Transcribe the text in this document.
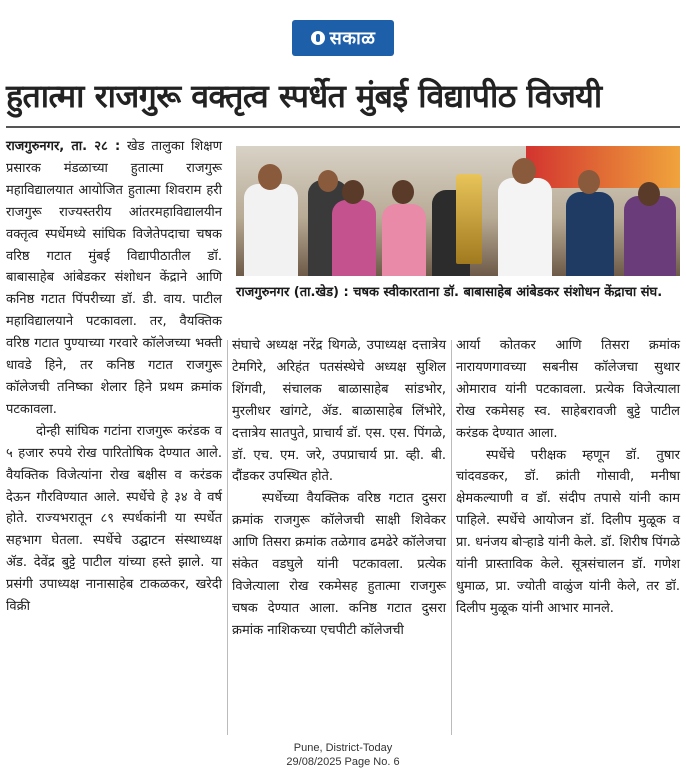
सकाळ
हुतात्मा राजगुरू वक्तृत्व स्पर्धेत मुंबई विद्यापीठ विजयी

राजगुरुनगर, ता. २८ : खेड तालुका शिक्षण प्रसारक मंडळाच्या हुतात्मा राजगुरू महाविद्यालयात आयोजित हुतात्मा शिवराम हरी राजगुरू राज्यस्तरीय आंतरमहाविद्यालयीन वक्तृत्व स्पर्धेमध्ये सांघिक विजेतेपदाचा चषक वरिष्ठ गटात मुंबई विद्यापीठातील डॉ. बाबासाहेब आंबेडकर संशोधन केंद्राने आणि कनिष्ठ गटात पिंपरीच्या डॉ. डी. वाय. पाटील महाविद्यालयाने पटकावला. तर, वैयक्तिक वरिष्ठ गटात पुण्याच्या गरवारे कॉलेजच्या भक्ती धावडे हिने, तर कनिष्ठ गटात राजगुरू कॉलेजची तनिष्का शेलार हिने प्रथम क्रमांक पटकावला.

दोन्ही सांघिक गटांना राजगुरू करंडक व ५ हजार रुपये रोख पारितोषिक देण्यात आले. वैयक्तिक विजेत्यांना रोख बक्षीस व करंडक देऊन गौरविण्यात आले. स्पर्धेचे हे ३४ वे वर्ष होते. राज्यभरातून ८९ स्पर्धकांनी या स्पर्धेत सहभाग घेतला. स्पर्धेचे उद्घाटन संस्थाध्यक्ष ॲड. देवेंद्र बुट्टे पाटील यांच्या हस्ते झाले. या प्रसंगी उपाध्यक्ष नानासाहेब टाकळकर, खरेदी विक्री

राजगुरुनगर (ता.खेड) : चषक स्वीकारताना डॉ. बाबासाहेब आंबेडकर संशोधन केंद्राचा संघ.

संघाचे अध्यक्ष नरेंद्र थिगळे, उपाध्यक्ष दत्तात्रेय टेमगिरे, अरिहंत पतसंस्थेचे अध्यक्ष सुशिल शिंगवी, संचालक बाळासाहेब सांडभोर, मुरलीधर खांगटे, ॲड. बाळासाहेब लिंभोरे, दत्तात्रेय सातपुते, प्राचार्य डॉ. एस. एस. पिंगळे, डॉ. एच. एम. जरे, उपप्राचार्य प्रा. व्ही. बी. दौंडकर उपस्थित होते.

स्पर्धेच्या वैयक्तिक वरिष्ठ गटात दुसरा क्रमांक राजगुरू कॉलेजची साक्षी शिवेकर आणि तिसरा क्रमांक तळेगाव ढमढेरे कॉलेजचा संकेत वडघुले यांनी पटकावला. प्रत्येक विजेत्याला रोख रकमेसह हुतात्मा राजगुरू चषक देण्यात आला. कनिष्ठ गटात दुसरा क्रमांक नाशिकच्या एचपीटी कॉलेजची

आर्या कोतकर आणि तिसरा क्रमांक नारायणगावच्या सबनीस कॉलेजचा सुथार ओमाराव यांनी पटकावला. प्रत्येक विजेत्याला रोख रकमेसह स्व. साहेबरावजी बुट्टे पाटील करंडक देण्यात आला.

स्पर्धेचे परीक्षक म्हणून डॉ. तुषार चांदवडकर, डॉ. क्रांती गोसावी, मनीषा क्षेमकल्याणी व डॉ. संदीप तपासे यांनी काम पाहिले. स्पर्धेचे आयोजन डॉ. दिलीप मुळूक व प्रा. धनंजय बोऱ्हाडे यांनी केले. डॉ. शिरीष पिंगळे यांनी प्रास्ताविक केले. सूत्रसंचालन डॉ. गणेश धुमाळ, प्रा. ज्योती वाळुंज यांनी केले, तर डॉ. दिलीप मुळूक यांनी आभार मानले.

Pune, District-Today
29/08/2025 Page No. 6
